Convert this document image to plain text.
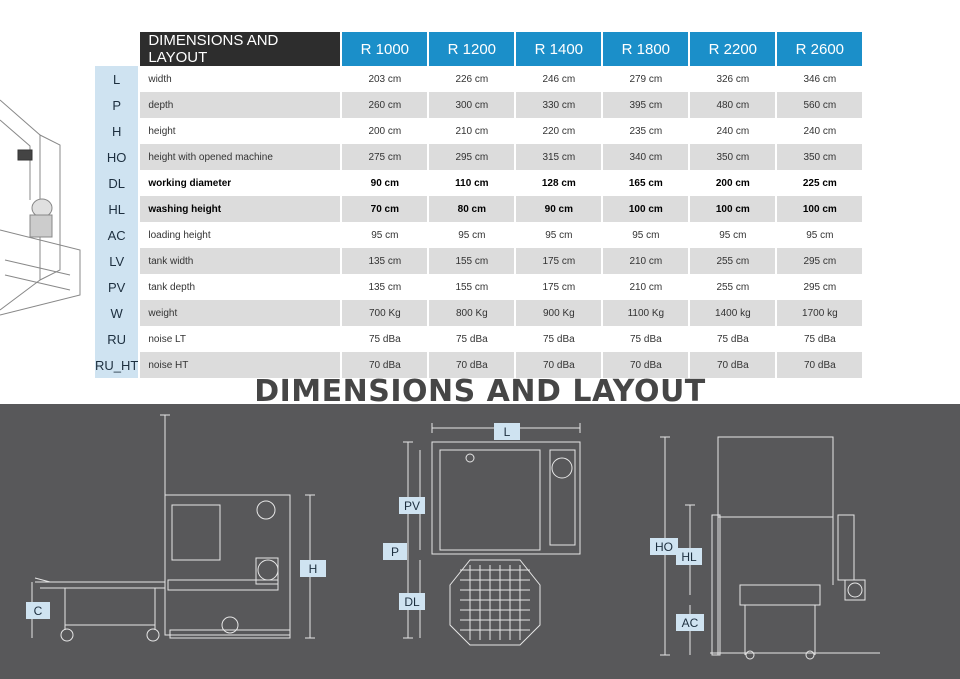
	DIMENSIONS AND LAYOUT	R 1000	R 1200	R 1400	R 1800	R 2200	R 2600
L	width	203 cm	226 cm	246 cm	279 cm	326 cm	346 cm
P	depth	260 cm	300 cm	330 cm	395 cm	480 cm	560 cm
H	height	200 cm	210 cm	220 cm	235 cm	240 cm	240 cm
HO	height with opened machine	275 cm	295 cm	315 cm	340 cm	350 cm	350 cm
DL	working diameter	90 cm	110 cm	128 cm	165 cm	200 cm	225 cm
HL	washing height	70 cm	80 cm	90 cm	100 cm	100 cm	100 cm
AC	loading height	95 cm	95 cm	95 cm	95 cm	95 cm	95 cm
LV	tank width	135 cm	155 cm	175 cm	210 cm	255 cm	295 cm
PV	tank depth	135 cm	155 cm	175 cm	210 cm	255 cm	295 cm
W	weight	700 Kg	800 Kg	900 Kg	1100 Kg	1400 kg	1700 kg
RU	noise LT	75 dBa	75 dBa	75 dBa	75 dBa	75 dBa	75 dBa
RU_HT	noise HT	70 dBa	70 dBa	70 dBa	70 dBa	70 dBa	70 dBa
DIMENSIONS AND LAYOUT
H
C
L
PV
P
DL
HO
HL
AC
